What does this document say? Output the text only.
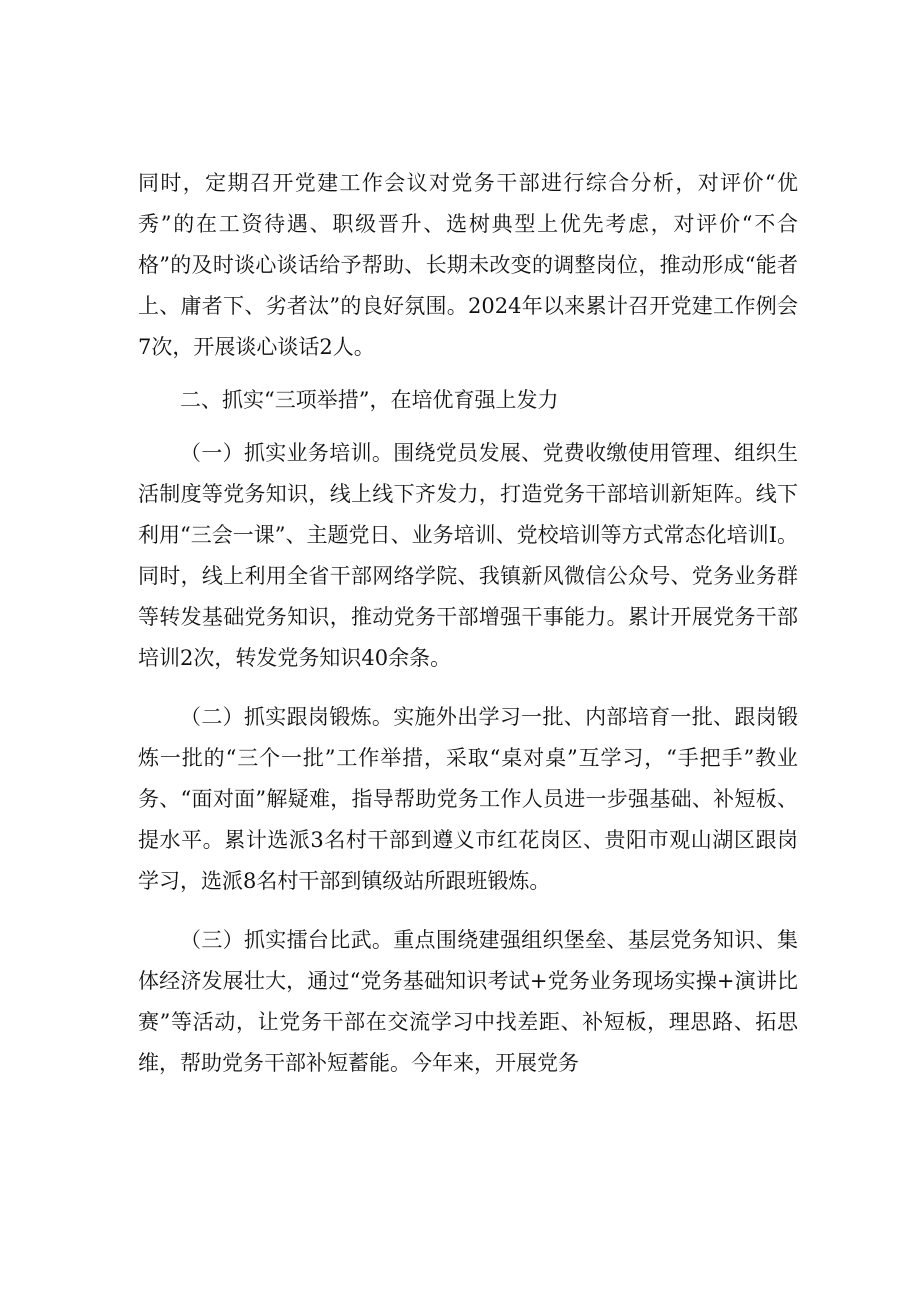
同时，定期召开党建工作会议对党务干部进行综合分析，对评价“优秀”的在工资待遇、职级晋升、选树典型上优先考虑，对评价“不合格”的及时谈心谈话给予帮助、长期未改变的调整岗位，推动形成“能者上、庸者下、劣者汰”的良好氛围。2024年以来累计召开党建工作例会7次，开展谈心谈话2人。

二、抓实“三项举措”，在培优育强上发力

（一）抓实业务培训。围绕党员发展、党费收缴使用管理、组织生活制度等党务知识，线上线下齐发力，打造党务干部培训新矩阵。线下利用“三会一课”、主题党日、业务培训、党校培训等方式常态化培训I。同时，线上利用全省干部网络学院、我镇新风微信公众号、党务业务群等转发基础党务知识，推动党务干部增强干事能力。累计开展党务干部培训2次，转发党务知识40余条。

（二）抓实跟岗锻炼。实施外出学习一批、内部培育一批、跟岗锻炼一批的“三个一批”工作举措，采取“桌对桌”互学习，“手把手”教业务、“面对面”解疑难，指导帮助党务工作人员进一步强基础、补短板、提水平。累计选派3名村干部到遵义市红花岗区、贵阳市观山湖区跟岗学习，选派8名村干部到镇级站所跟班锻炼。

（三）抓实擂台比武。重点围绕建强组织堡垒、基层党务知识、集体经济发展壮大，通过“党务基础知识考试+党务业务现场实操+演讲比赛”等活动，让党务干部在交流学习中找差距、补短板，理思路、拓思维，帮助党务干部补短蓄能。今年来，开展党务
